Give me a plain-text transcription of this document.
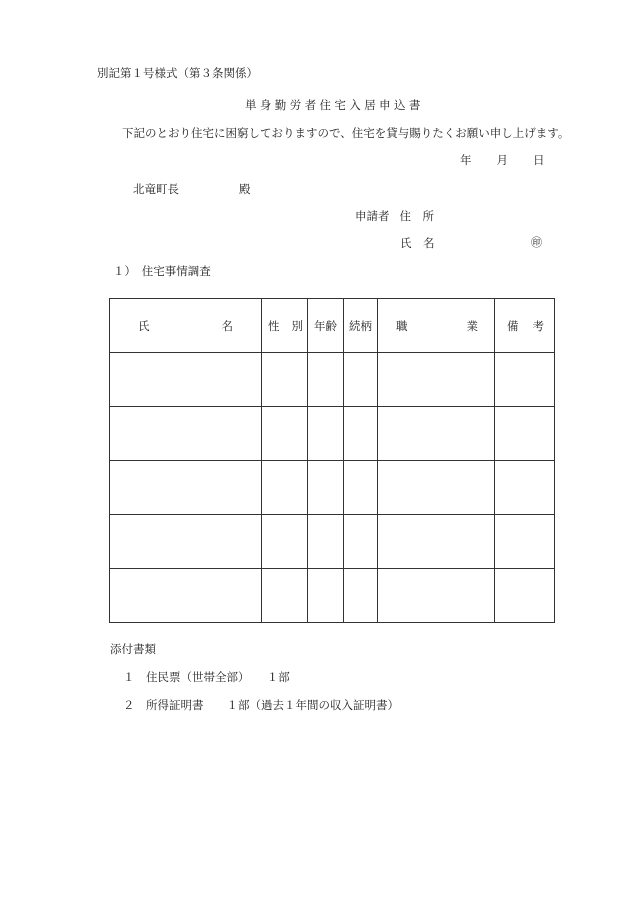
別記第１号様式（第３条関係）
単身勤労者住宅入居申込書
下記のとおり住宅に困窮しておりますので、住宅を貸与賜りたくお願い申し上げます。
年 月 日
北竜町長	殿
申請者 住　所
氏　名	㊞
１）　住宅事情調査
氏 名	性 別	年齢	続柄	職 業	備 考

添付書類
１　住民票（世帯全部）　　１部
２　所得証明書　　１部（過去１年間の収入証明書）
